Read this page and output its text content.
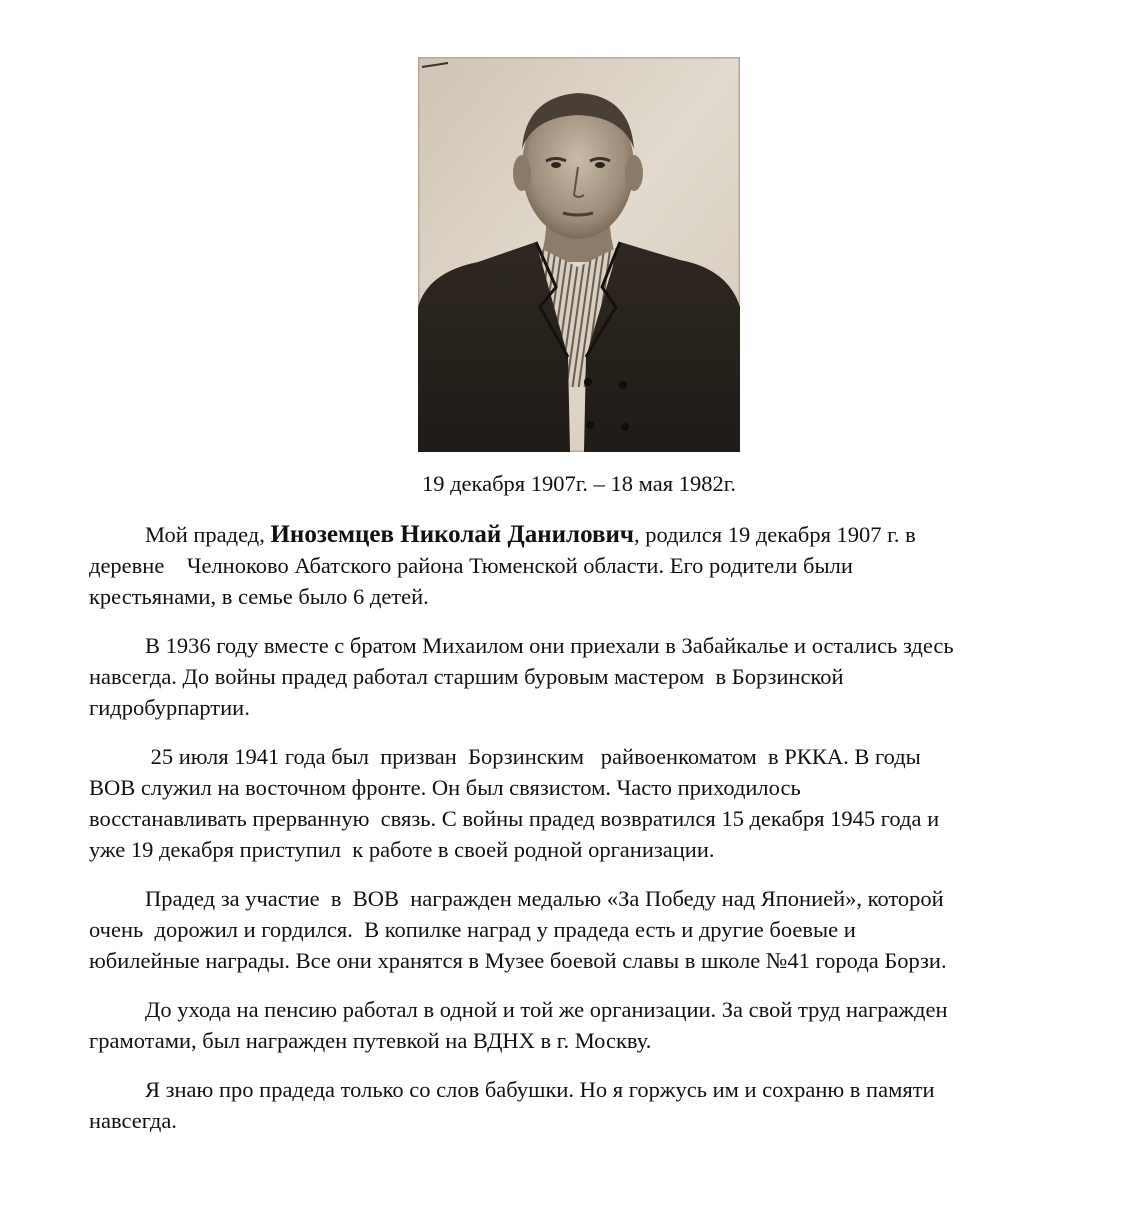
19 декабря 1907г. – 18 мая 1982г.

Мой прадед, Иноземцев Николай Данилович, родился 19 декабря 1907 г. в
деревне    Челноково Абатского района Тюменской области. Его родители были
крестьянами, в семье было 6 детей.

В 1936 году вместе с братом Михаилом они приехали в Забайкалье и остались здесь
навсегда. До войны прадед работал старшим буровым мастером  в Борзинской
гидробурпартии.

25 июля 1941 года был  призван  Борзинским   райвоенкоматом  в РККА. В годы
ВОВ служил на восточном фронте. Он был связистом. Часто приходилось
восстанавливать прерванную  связь. С войны прадед возвратился 15 декабря 1945 года и
уже 19 декабря приступил  к работе в своей родной организации.

Прадед за участие  в  ВОВ  награжден медалью «За Победу над Японией», которой
очень  дорожил и гордился.  В копилке наград у прадеда есть и другие боевые и
юбилейные награды. Все они хранятся в Музее боевой славы в школе №41 города Борзи.

До ухода на пенсию работал в одной и той же организации. За свой труд награжден
грамотами, был награжден путевкой на ВДНХ в г. Москву.

Я знаю про прадеда только со слов бабушки. Но я горжусь им и сохраню в памяти
навсегда.
